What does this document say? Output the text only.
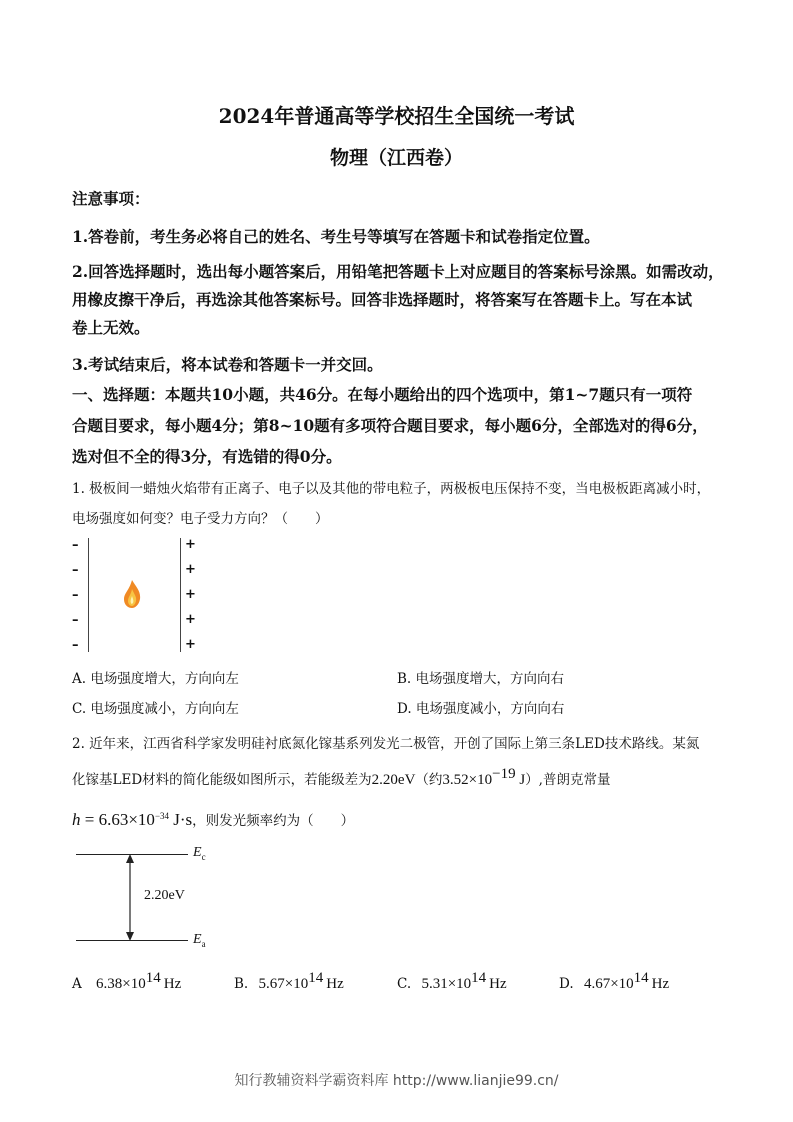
2024年普通高等学校招生全国统一考试
物理（江西卷）
注意事项：
1.答卷前，考生务必将自己的姓名、考生号等填写在答题卡和试卷指定位置。
2.回答选择题时，选出每小题答案后，用铅笔把答题卡上对应题目的答案标号涂黑。如需改动，
用橡皮擦干净后，再选涂其他答案标号。回答非选择题时，将答案写在答题卡上。写在本试
卷上无效。
3.考试结束后，将本试卷和答题卡一并交回。
一、选择题：本题共10小题，共46分。在每小题给出的四个选项中，第1~7题只有一项符
合题目要求，每小题4分；第8~10题有多项符合题目要求，每小题6分，全部选对的得6分，
选对但不全的得3分，有选错的得0分。
1. 极板间一蜡烛火焰带有正离子、电子以及其他的带电粒子，两极板电压保持不变，当电极板距离减小时，
电场强度如何变？电子受力方向？（　　）
–
–
–
–
–
+
+
+
+
+
A. 电场强度增大，方向向左	B. 电场强度增大，方向向右
C. 电场强度减小，方向向左	D. 电场强度减小，方向向右
2. 近年来，江西省科学家发明硅衬底氮化镓基系列发光二极管，开创了国际上第三条LED技术路线。某氮
化镓基LED材料的简化能级如图所示，若能级差为2.20eV（约$3.52\times 10^{-19}$ J）,普朗克常量
$h = 6.63\times 10^{-34}$ J·s，则发光频率约为（　　）
2.20eV
$E_c$
$E_a$
A $6.38\times 10^{14}$ Hz	B. $5.67\times 10^{14}$ Hz	C. $5.31\times 10^{14}$ Hz	D. $4.67\times 10^{14}$ Hz
知行教辅资料学霸资料库 http://www.lianjie99.cn/
